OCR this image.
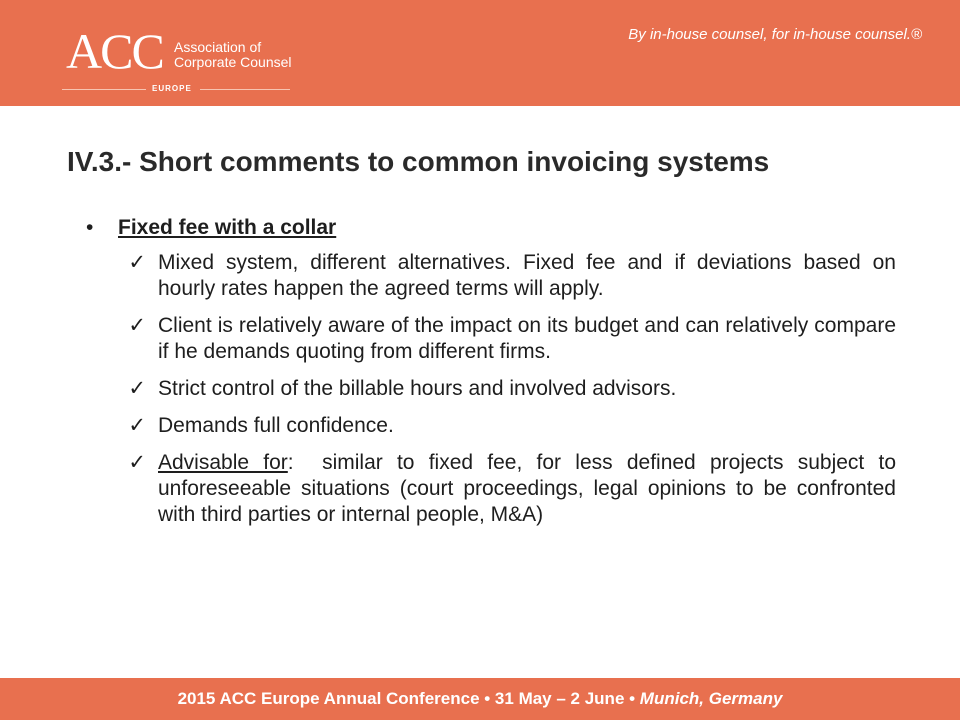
ACC Association of
Corporate Counsel
EUROPE
By in-house counsel, for in-house counsel.®
IV.3.- Short comments to common invoicing systems
•	Fixed fee with a collar
✓ Mixed system, different alternatives. Fixed fee and if deviations based on hourly rates happen the agreed terms will apply.
✓ Client is relatively aware of the impact on its budget and can relatively compare if he demands quoting from different firms.
✓ Strict control of the billable hours and involved advisors.
✓ Demands full confidence.
✓ Advisable for:  similar to fixed fee, for less defined projects subject to unforeseeable situations (court proceedings, legal opinions to be confronted with third parties or internal people, M&A)
2015 ACC Europe Annual Conference • 31 May – 2 June • Munich, Germany
